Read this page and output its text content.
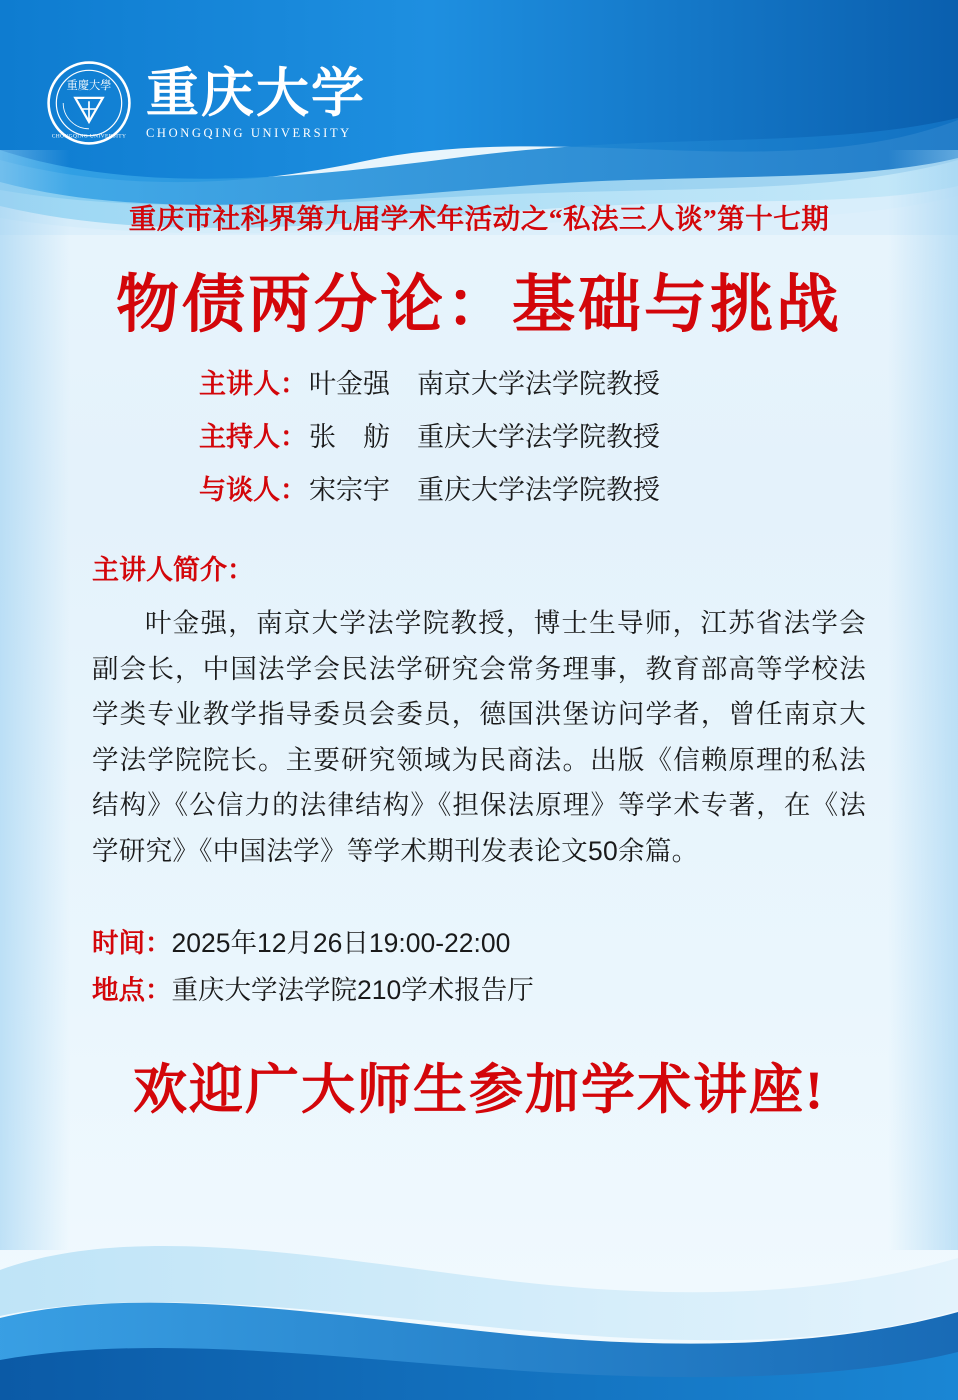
重慶大學
CHONGQING UNIVERSITY
重庆大学
CHONGQING UNIVERSITY
重庆市社科界第九届学术年活动之“私法三人谈”第十七期
物债两分论：基础与挑战
主讲人： 叶金强　南京大学法学院教授
主持人： 张　舫　重庆大学法学院教授
与谈人： 宋宗宇　重庆大学法学院教授
主讲人简介：

叶金强，南京大学法学院教授，博士生导师，江苏省法学会副会长，中国法学会民法学研究会常务理事，教育部高等学校法学类专业教学指导委员会委员，德国洪堡访问学者，曾任南京大学法学院院长。主要研究领域为民商法。出版《信赖原理的私法结构》《公信力的法律结构》《担保法原理》等学术专著，在《法学研究》《中国法学》等学术期刊发表论文50余篇。

时间：2025年12月26日19:00-22:00
地点：重庆大学法学院210学术报告厅
欢迎广大师生参加学术讲座!
